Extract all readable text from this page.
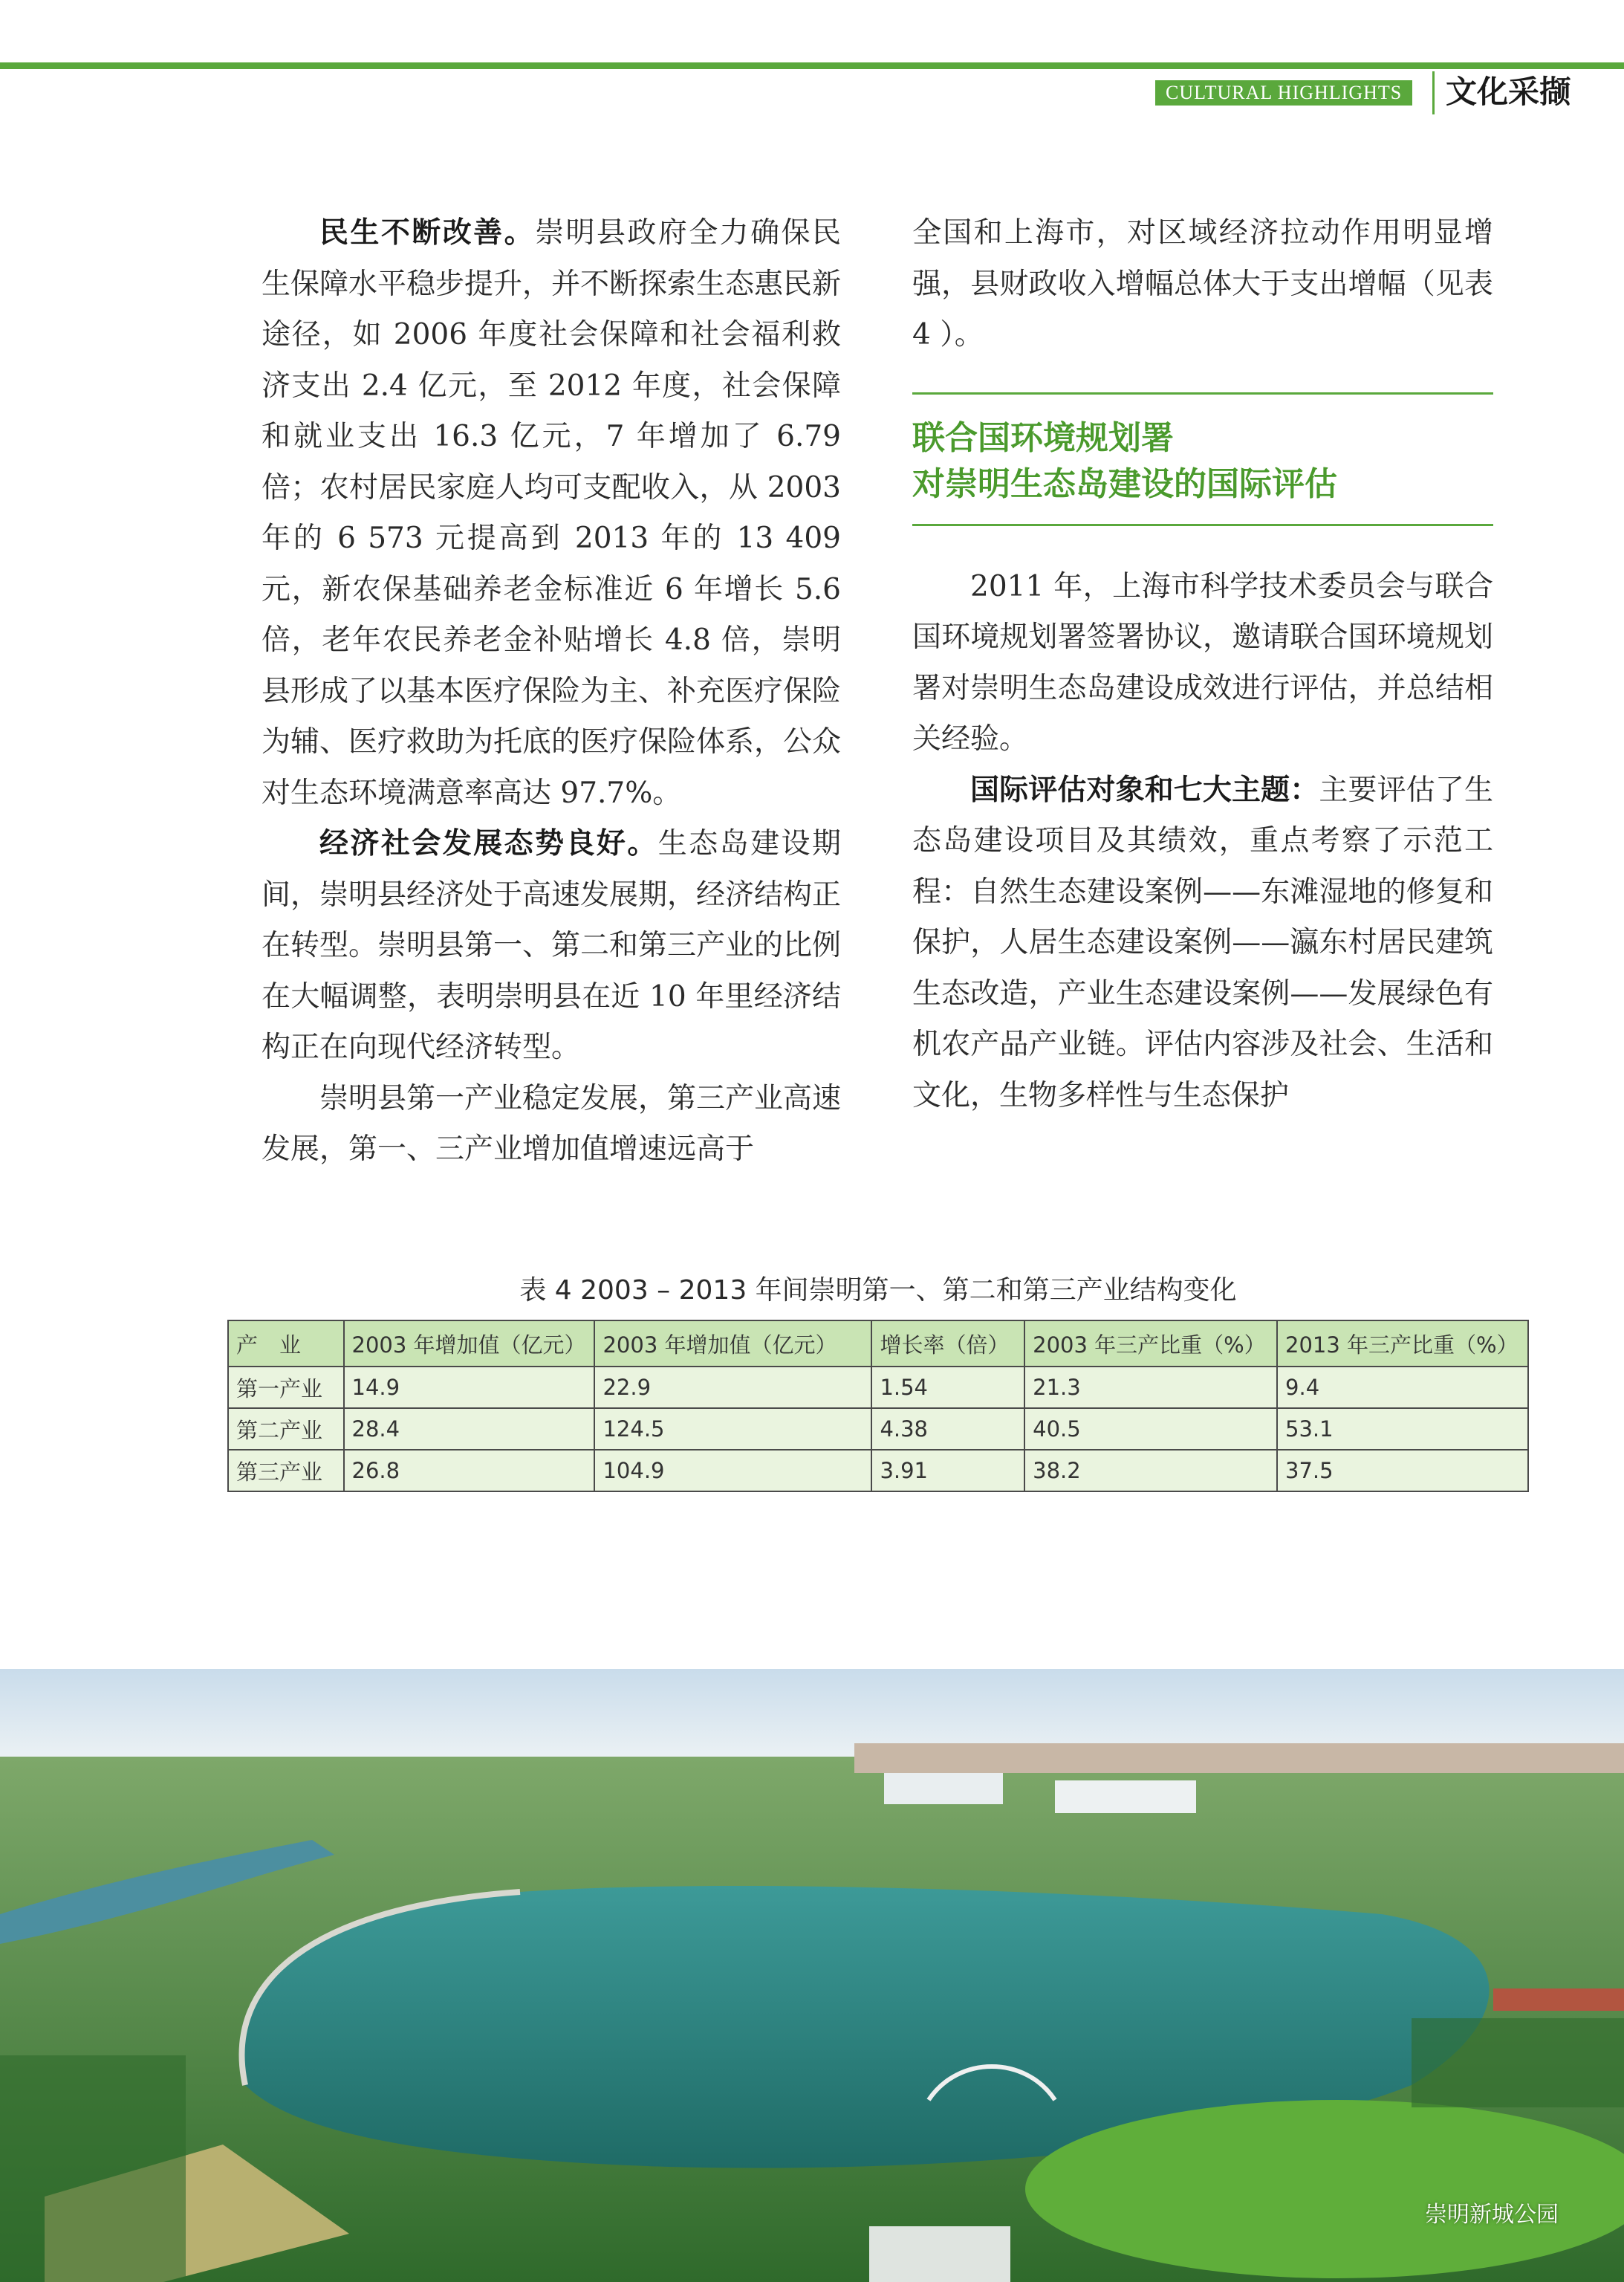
CULTURAL HIGHLIGHTS	文化采撷

民生不断改善。崇明县政府全力确保民生保障水平稳步提升，并不断探索生态惠民新途径，如 2006 年度社会保障和社会福利救济支出 2.4 亿元，至 2012 年度，社会保障和就业支出 16.3 亿元，7 年增加了 6.79 倍；农村居民家庭人均可支配收入，从 2003 年的 6 573 元提高到 2013 年的 13 409 元，新农保基础养老金标准近 6 年增长 5.6 倍，老年农民养老金补贴增长 4.8 倍，崇明县形成了以基本医疗保险为主、补充医疗保险为辅、医疗救助为托底的医疗保险体系，公众对生态环境满意率高达 97.7%。

经济社会发展态势良好。生态岛建设期间，崇明县经济处于高速发展期，经济结构正在转型。崇明县第一、第二和第三产业的比例在大幅调整，表明崇明县在近 10 年里经济结构正在向现代经济转型。

崇明县第一产业稳定发展，第三产业高速发展，第一、三产业增加值增速远高于

全国和上海市，对区域经济拉动作用明显增强，县财政收入增幅总体大于支出增幅（见表 4 ）。

联合国环境规划署
对崇明生态岛建设的国际评估

2011 年，上海市科学技术委员会与联合国环境规划署签署协议，邀请联合国环境规划署对崇明生态岛建设成效进行评估，并总结相关经验。

国际评估对象和七大主题：主要评估了生态岛建设项目及其绩效，重点考察了示范工程：自然生态建设案例——东滩湿地的修复和保护，人居生态建设案例——瀛东村居民建筑生态改造，产业生态建设案例——发展绿色有机农产品产业链。评估内容涉及社会、生活和文化，生物多样性与生态保护

表 4 2003 – 2013 年间崇明第一、第二和第三产业结构变化
产　业	2003 年增加值（亿元）	2003 年增加值（亿元）	增长率（倍）	2003 年三产比重（%）	2013 年三产比重（%）
第一产业	14.9	22.9	1.54	21.3	9.4
第二产业	28.4	124.5	4.38	40.5	53.1
第三产业	26.8	104.9	3.91	38.2	37.5
崇明新城公园
